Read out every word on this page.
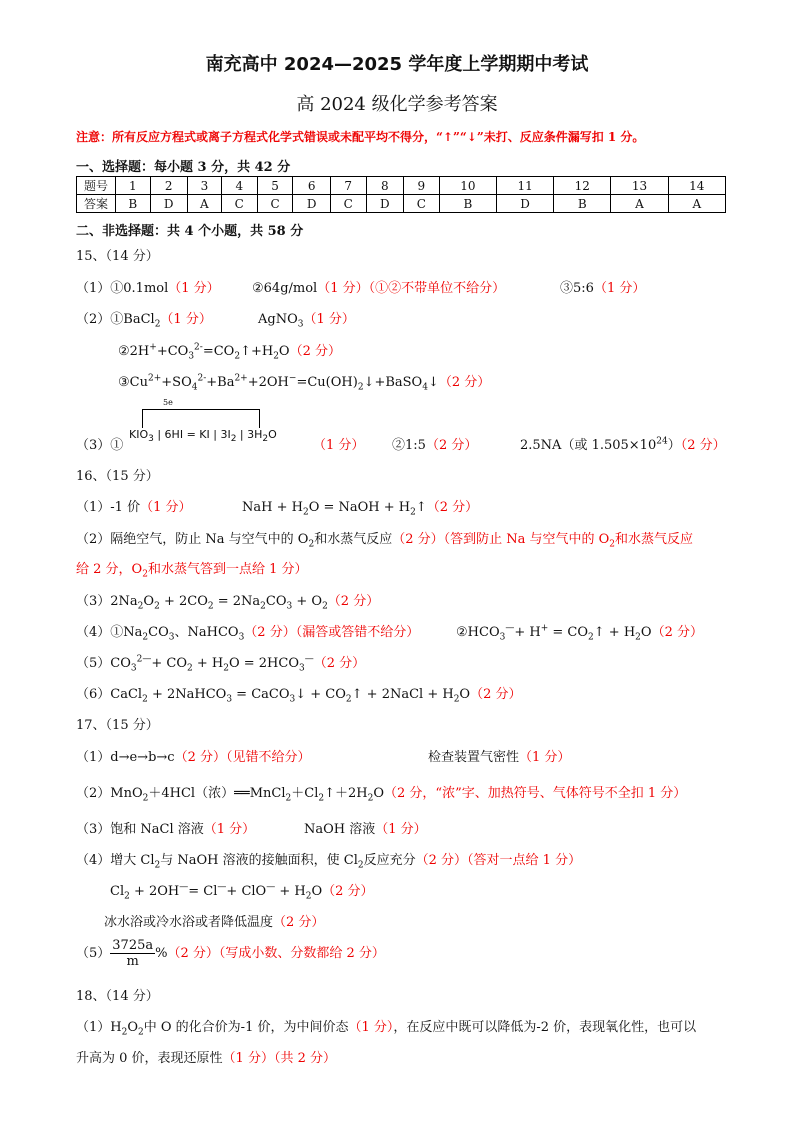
南充高中 2024—2025 学年度上学期期中考试
高 2024 级化学参考答案
注意：所有反应方程式或离子方程式化学式错误或未配平均不得分，“↑”“↓”未打、反应条件漏写扣 1 分。
一、选择题：每小题 3 分，共 42 分
题号	1	2	3	4	5	6	7	8	9	10	11	12	13	14
答案	B	D	A	C	C	D	C	D	C	B	D	B	A	A
二、非选择题：共 4 个小题，共 58 分
15、（14 分）
（1）①0.1mol（1 分） ②64g/mol（1 分）（①②不带单位不给分）	③5:6（1 分）
（2）①BaCl$_2$（1 分）	AgNO$_3$（1 分）
$②2H^++CO_3^{2-}=CO_2↑+H_2O(2$ 分）
$③Cu^{2+}+SO_4^{2-}+Ba^{2+}+2OH^-=Cu(OH)_2↓+BaSO_4↓(2$ 分）
（3）①
5e
$KIO_3$ | 6HI = KI | $3I_2$ | $3H_2O$
（1 分） ②1:5（2 分）	2.5NA（或 $1.505\times 10^{24})(2$ 分）
16、（15 分）
（1）-1 价（1 分）	NaH + $H_2O$ = NaOH + $H_2↑(2$ 分）
（2）隔绝空气，防止 Na 与空气中的 $O_2$和水蒸气反应（2 分）（答到防止 Na 与空气中的 $O_2$和水蒸气反应
给 2 分，$O_2$和水蒸气答到一点给 1 分）
$(3)2Na_2O_2 + 2CO_2 = 2Na_2CO_3 + O_2(2$ 分）
$(4)①Na_2CO_3$、NaHCO$_3$（2 分）（漏答或答错不给分）	$②HCO_3^—+ H^+$ = $CO_2↑ + H_2O(2$ 分）
$(5)CO_3^{2—}+ CO_2 + H_2O = 2HCO_3^—(2$ 分）
（6）CaCl$_2$ + 2NaHCO$_3$ = CaCO$_3$↓ + $CO_2↑$ + 2NaCl + $H_2O(2$ 分）
17、（15 分）
（1）d→e→b→c（2 分）（见错不给分）	检查装置气密性（1 分）
（2）MnO$_2$＋4HCl（浓）$══MnCl_2+Cl_2↑+2H_2O(2$ 分，“浓”字、加热符号、气体符号不全扣 1 分）
（3）饱和 NaCl 溶液（1 分）	NaOH 溶液（1 分）
（4）增大 $Cl_2$与 NaOH 溶液的接触面积，使 $Cl_2$反应充分（2 分）（答对一点给 1 分）
$Cl_2 + 2OH^—= Cl^—+ ClO^— + H_2O(2$ 分）
冰水浴或冷水浴或者降低温度（2 分）
$(5) \frac{3725a}{m} \%(2$ 分）（写成小数、分数都给 2 分）
18、（14 分）
$(1)H_2O_2$中 O 的化合价为-1 价，为中间价态（1 分），在反应中既可以降低为-2 价，表现氧化性，也可以
升高为 0 价，表现还原性（1 分）（共 2 分）
